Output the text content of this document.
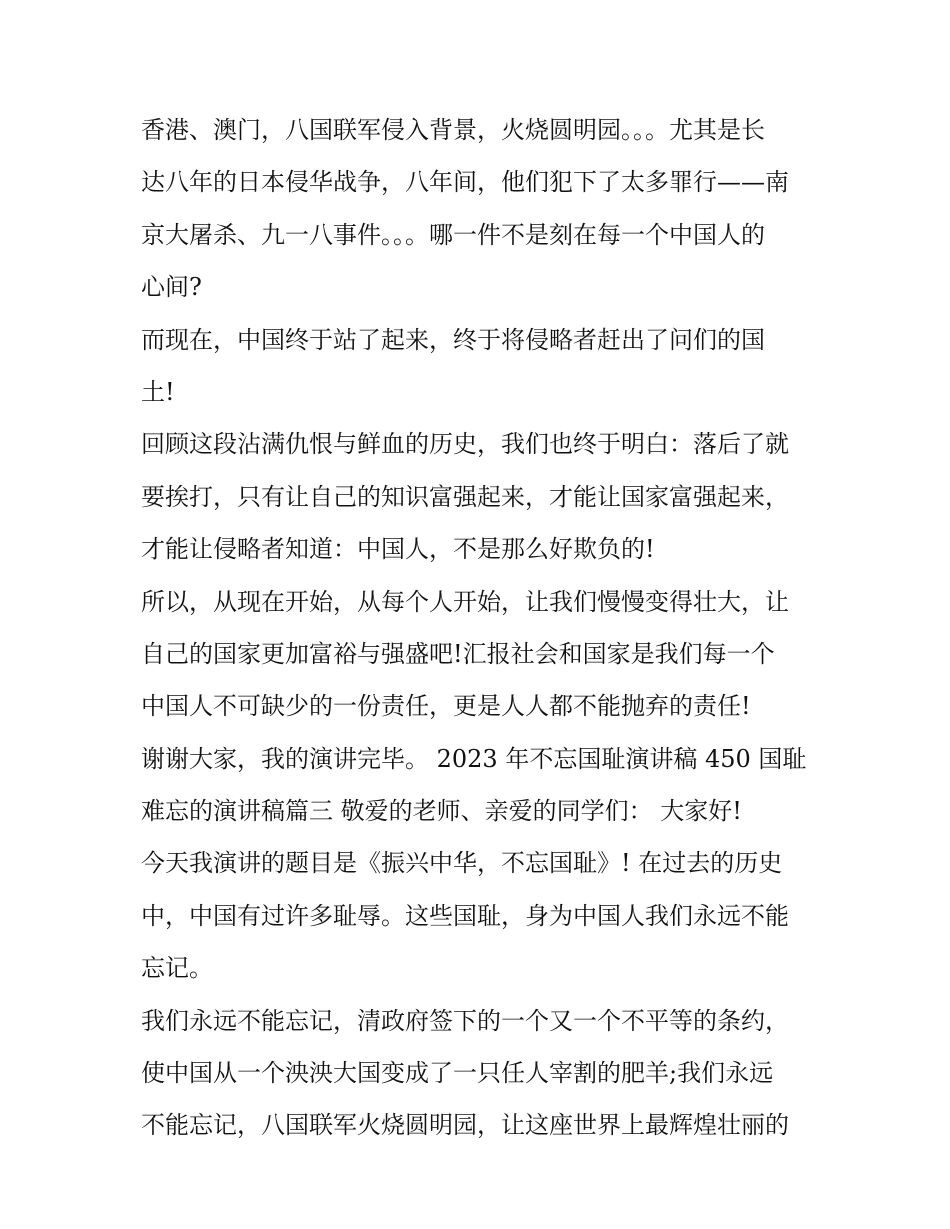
香港、澳门，八国联军侵入背景，火烧圆明园。。。尤其是长
达八年的日本侵华战争，八年间，他们犯下了太多罪行——南
京大屠杀、九一八事件。。。哪一件不是刻在每一个中国人的
心间?
而现在，中国终于站了起来，终于将侵略者赶出了问们的国
土!
回顾这段沾满仇恨与鲜血的历史，我们也终于明白：落后了就
要挨打，只有让自己的知识富强起来，才能让国家富强起来，
才能让侵略者知道：中国人，不是那么好欺负的!
所以，从现在开始，从每个人开始，让我们慢慢变得壮大，让
自己的国家更加富裕与强盛吧!汇报社会和国家是我们每一个
中国人不可缺少的一份责任，更是人人都不能抛弃的责任!
谢谢大家，我的演讲完毕。 2023 年不忘国耻演讲稿 450 国耻
难忘的演讲稿篇三 敬爱的老师、亲爱的同学们： 大家好!
今天我演讲的题目是《振兴中华，不忘国耻》! 在过去的历史
中，中国有过许多耻辱。这些国耻，身为中国人我们永远不能
忘记。
我们永远不能忘记，清政府签下的一个又一个不平等的条约，
使中国从一个泱泱大国变成了一只任人宰割的肥羊;我们永远
不能忘记，八国联军火烧圆明园，让这座世界上最辉煌壮丽的
